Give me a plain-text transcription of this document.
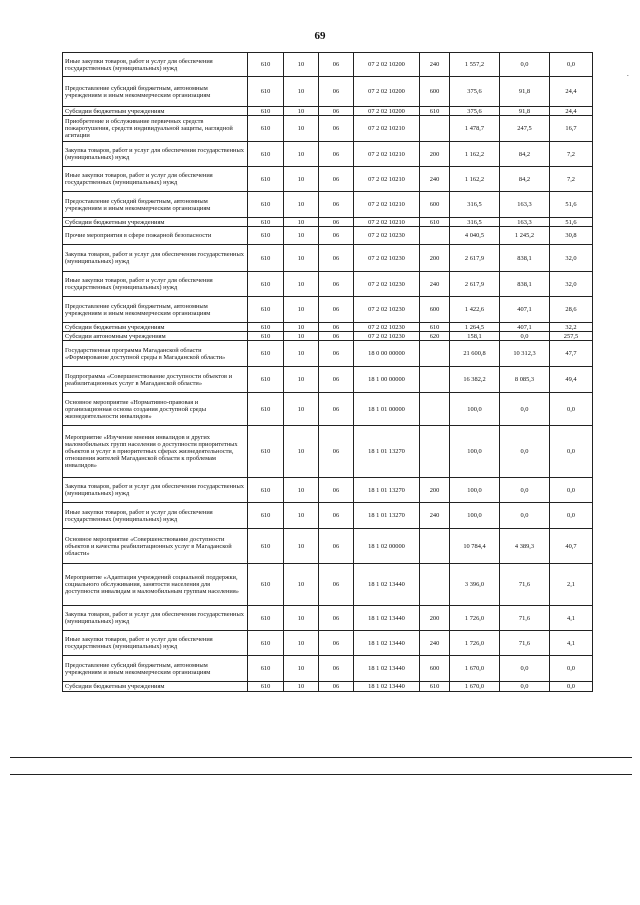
69
.
Иные закупки товаров, работ и услуг для обеспечения государственных (муниципальных) нужд	610	10	06	07 2 02 10200	240	1 557,2	0,0	0,0
Предоставление субсидий бюджетным, автономным учреждениям и иным некоммерческим организациям	610	10	06	07 2 02 10200	600	375,6	91,8	24,4
Субсидии бюджетным учреждениям	610	10	06	07 2 02 10200	610	375,6	91,8	24,4
Приобретение и обслуживание первичных средств пожаротушения, средств индивидуальной защиты, наглядной агитации	610	10	06	07 2 02 10210		1 478,7	247,5	16,7
Закупка товаров, работ и услуг для обеспечения государственных (муниципальных) нужд	610	10	06	07 2 02 10210	200	1 162,2	84,2	7,2
Иные закупки товаров, работ и услуг для обеспечения государственных (муниципальных) нужд	610	10	06	07 2 02 10210	240	1 162,2	84,2	7,2
Предоставление субсидий бюджетным, автономным учреждениям и иным некоммерческим организациям	610	10	06	07 2 02 10210	600	316,5	163,3	51,6
Субсидии бюджетным учреждениям	610	10	06	07 2 02 10210	610	316,5	163,3	51,6
Прочие мероприятия в сфере пожарной безопасности	610	10	06	07 2 02 10230		4 040,5	1 245,2	30,8
Закупка товаров, работ и услуг для обеспечения государственных (муниципальных) нужд	610	10	06	07 2 02 10230	200	2 617,9	838,1	32,0
Иные закупки товаров, работ и услуг для обеспечения государственных (муниципальных) нужд	610	10	06	07 2 02 10230	240	2 617,9	838,1	32,0
Предоставление субсидий бюджетным, автономным учреждениям и иным некоммерческим организациям	610	10	06	07 2 02 10230	600	1 422,6	407,1	28,6
Субсидии бюджетным учреждениям	610	10	06	07 2 02 10230	610	1 264,5	407,1	32,2
Субсидии автономным учреждениям	610	10	06	07 2 02 10230	620	158,1	0,0	257,5
Государственная программа Магаданской области «Формирование доступной среды в Магаданской области»	610	10	06	18 0 00 00000		21 600,8	10 312,3	47,7
Подпрограмма «Совершенствование доступности объектов и реабилитационных услуг в Магаданской области»	610	10	06	18 1 00 00000		16 382,2	8 085,3	49,4
Основное мероприятие «Нормативно-правовая и организационная основа создания доступной среды жизнедеятельности инвалидов»	610	10	06	18 1 01 00000		100,0	0,0	0,0
Мероприятие «Изучение мнения инвалидов и других маломобильных групп населения о доступности приоритетных объектов и услуг в приоритетных сферах жизнедеятельности, отношения жителей Магаданской области к проблемам инвалидов»	610	10	06	18 1 01 13270		100,0	0,0	0,0
Закупка товаров, работ и услуг для обеспечения государственных (муниципальных) нужд	610	10	06	18 1 01 13270	200	100,0	0,0	0,0
Иные закупки товаров, работ и услуг для обеспечения государственных (муниципальных) нужд	610	10	06	18 1 01 13270	240	100,0	0,0	0,0
Основное мероприятие «Совершенствование доступности объектов и качества реабилитационных услуг в Магаданской области»	610	10	06	18 1 02 00000		10 784,4	4 389,3	40,7
Мероприятие «Адаптация учреждений социальной поддержки, социального обслуживания, занятости населения для доступности инвалидам и маломобильным группам населения»	610	10	06	18 1 02 13440		3 396,0	71,6	2,1
Закупка товаров, работ и услуг для обеспечения государственных (муниципальных) нужд	610	10	06	18 1 02 13440	200	1 726,0	71,6	4,1
Иные закупки товаров, работ и услуг для обеспечения государственных (муниципальных) нужд	610	10	06	18 1 02 13440	240	1 726,0	71,6	4,1
Предоставление субсидий бюджетным, автономным учреждениям и иным некоммерческим организациям	610	10	06	18 1 02 13440	600	1 670,0	0,0	0,0
Субсидии бюджетным учреждениям	610	10	06	18 1 02 13440	610	1 670,0	0,0	0,0
